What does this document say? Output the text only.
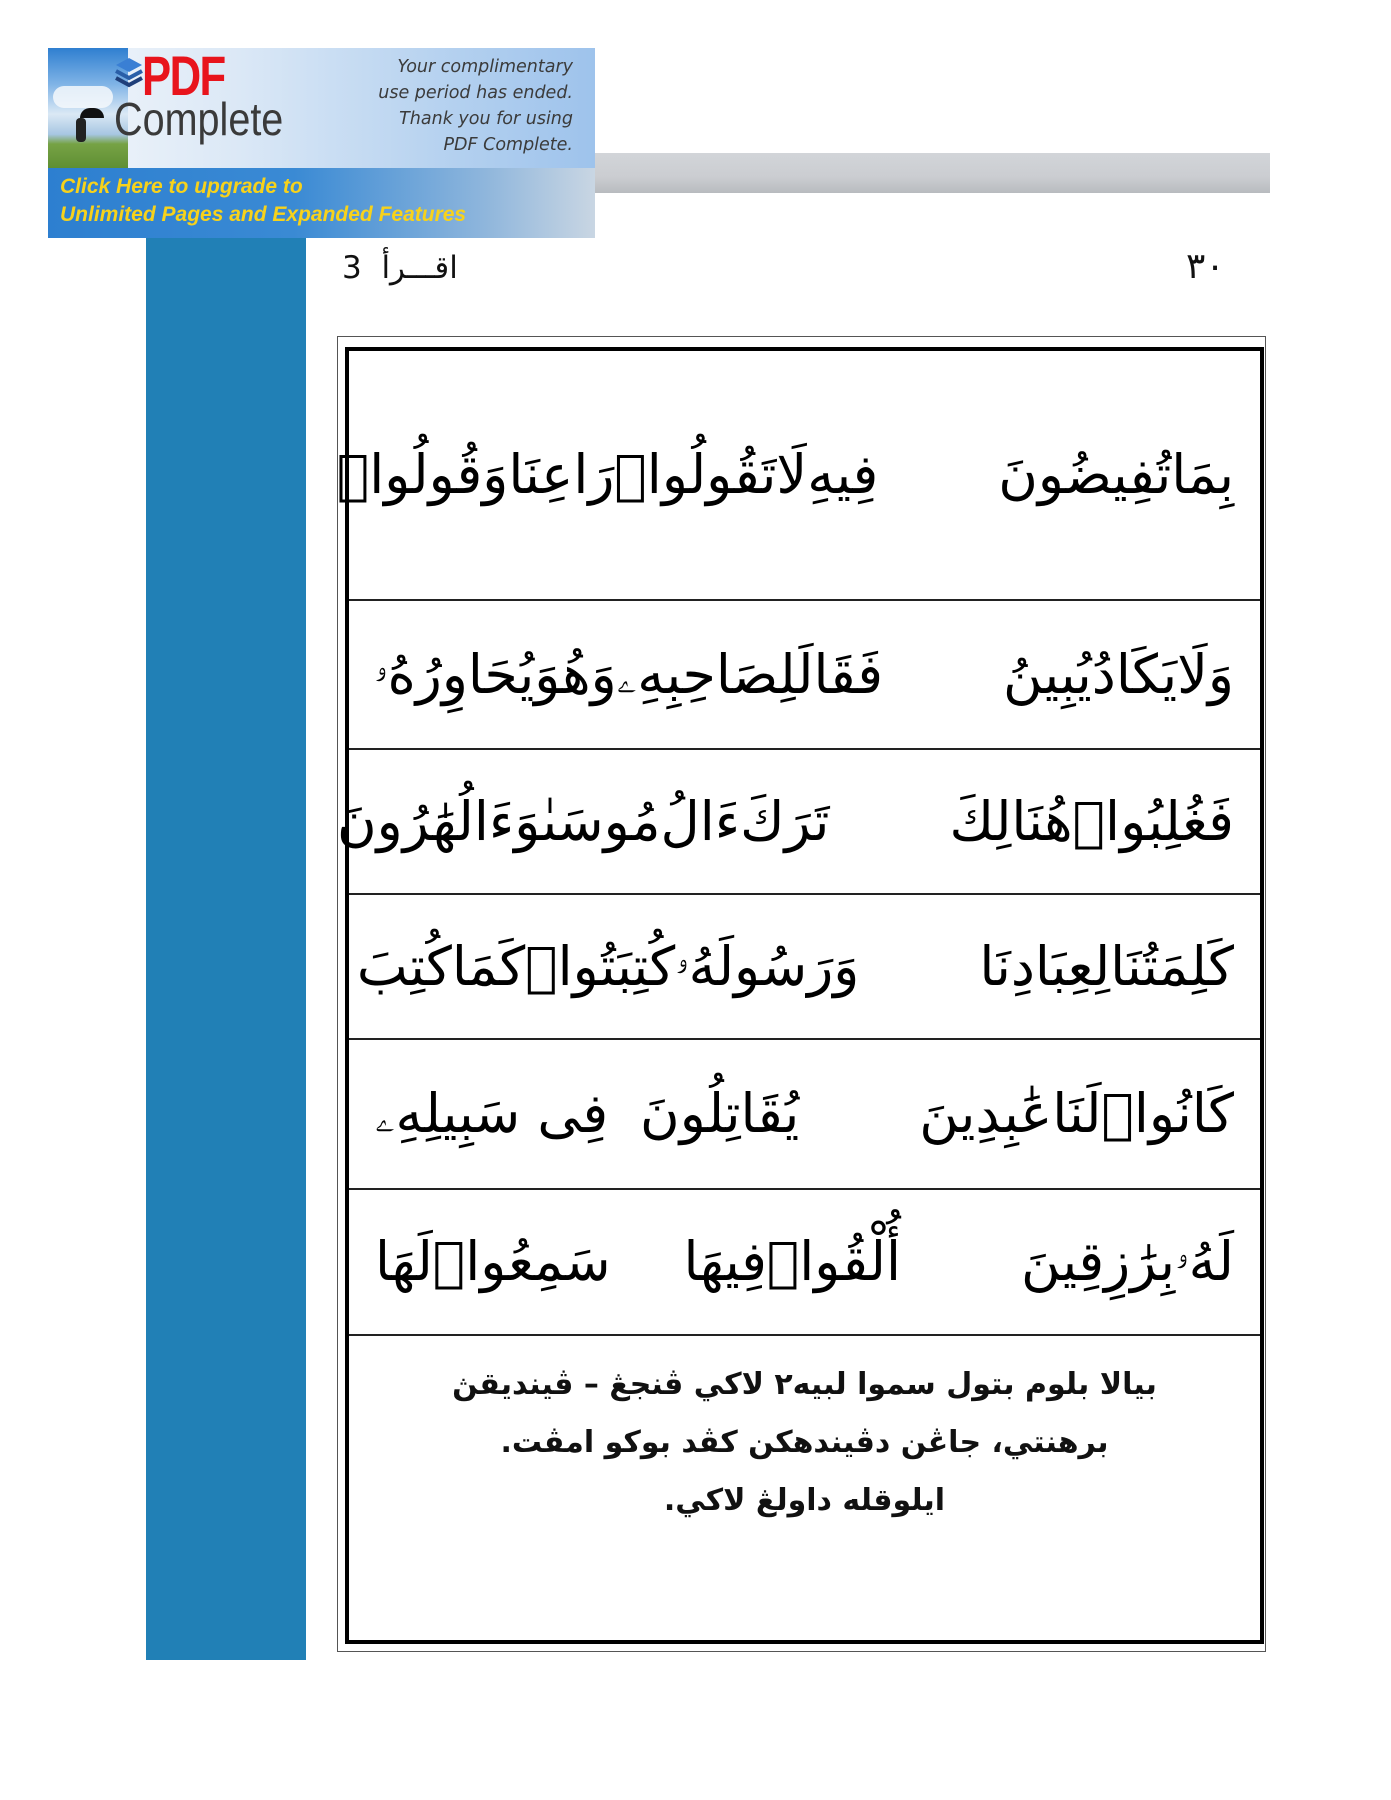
PDF
Complete
Your complimentary
use period has ended.
Thank you for using
PDF Complete.
Click Here to upgrade to
Unlimited Pages and Expanded Features
3  اقـــرأ	٣٠
بِمَاتُفِيضُونَ
فِيهِ
لَاتَقُولُوا۟رَاعِنَاوَقُولُوا۟
وَلَايَكَادُيُبِينُ
فَقَالَلِصَاحِبِهِۦ
وَهُوَيُحَاوِرُهُۥ
فَغُلِبُوا۟هُنَالِكَ
تَرَكَءَالُ
مُوسَىٰوَءَالُهَٰرُونَ
كَلِمَتُنَالِعِبَادِنَا
وَرَسُولَهُۥ
كُتِبَتُوا۟كَمَاكُتِبَ
كَانُوا۟لَنَاعَٰبِدِينَ
يُقَاتِلُونَ
فِى سَبِيلِهِۦ
لَهُۥبِرَٰزِقِينَ
أُلْقُوا۟فِيهَا
سَمِعُوا۟لَهَا
بيالا بلوم بتول سموا لبيه٢ لاكي ڤنجڠ – ڤينديقڽ
برهنتي، جاڠن دڤيندهكن كڤد بوكو امڤت.
ايلوقله داولڠ لاكي.
